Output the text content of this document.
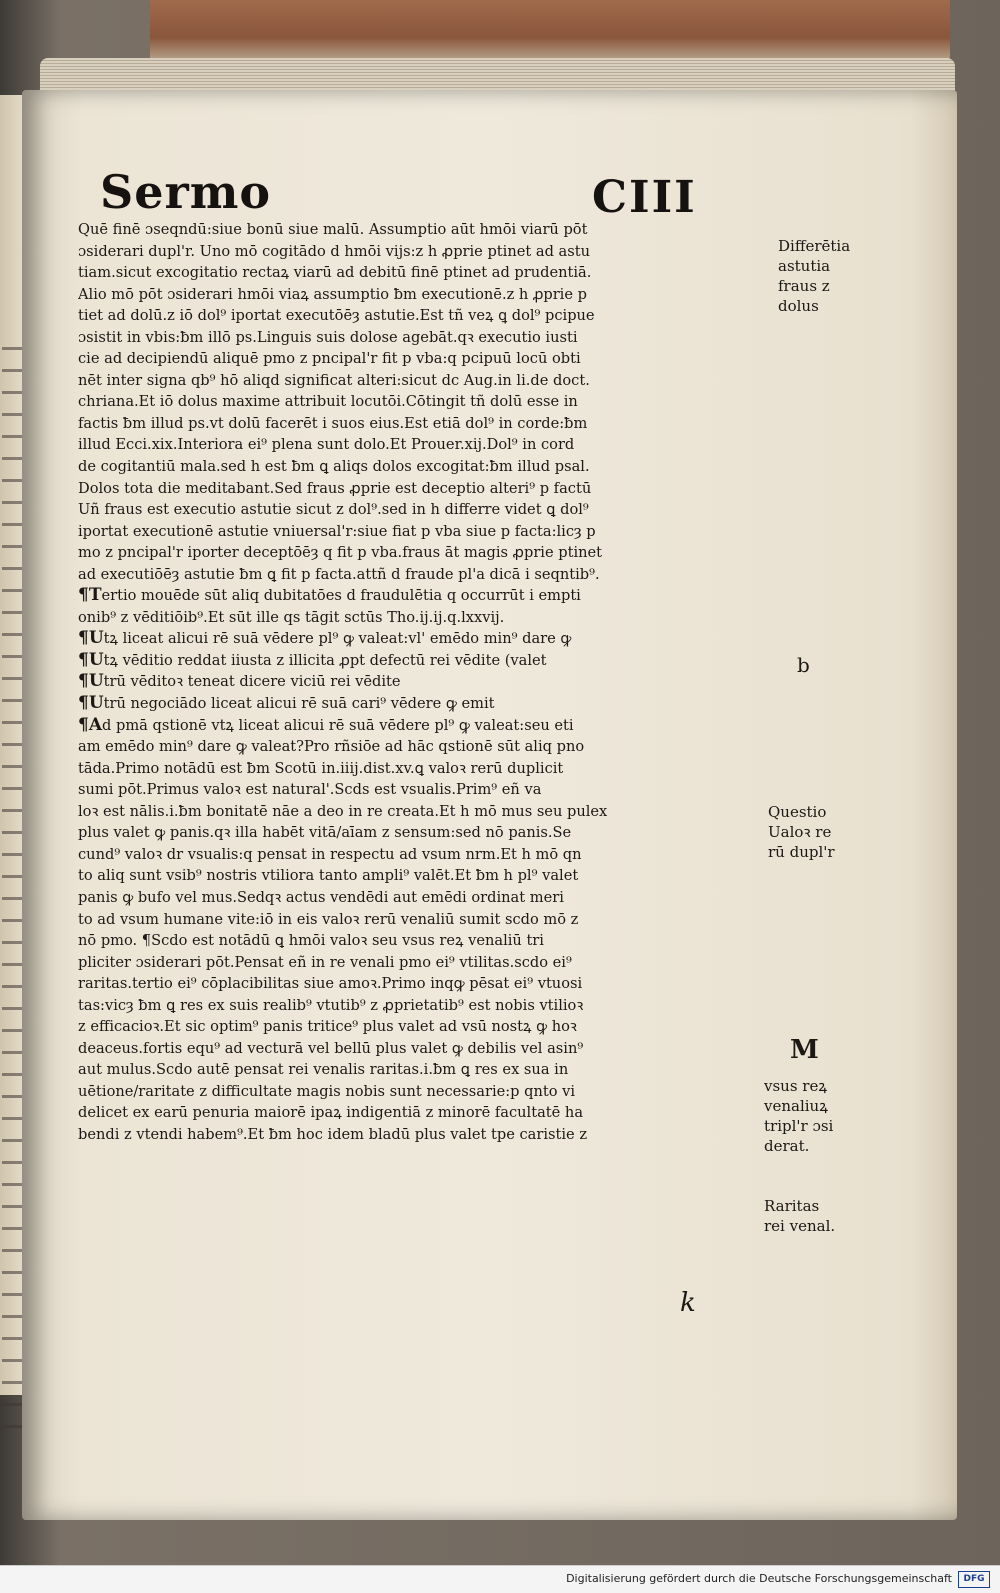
Sermo	CIII
Quē finē ɔseqndū:siue bonū siue malū. Assumptio aūt hmōi viarū pōt
ɔsiderari dupl'r. Uno mō cogitādo d hmōi vijs:z h ꝓprie ptinet ad astu
tiam.sicut excogitatio rectaꝝ viarū ad debitū finē ptinet ad prudentiā.
Alio mō pōt ɔsiderari hmōi viaꝝ assumptio ƀm executionē.z h ꝓprie p
tiet ad dolū.z iō dol⁹ iportat executōēȝ astutie.Est tñ veꝝ ꝗ dol⁹ pcipue
ɔsistit in vbis:ƀm illō ps.Linguis suis dolose agebāt.qꝛ executio iusti
cie ad decipiendū aliquē pmo z pncipal'r fit p vba:q pcipuū locū obti
nēt inter signa qb⁹ hō aliqd significat alteri:sicut dc Aug.in li.de doct.
chriana.Et iō dolus maxime attribuit locutōi.Cōtingit tñ dolū esse in
factis ƀm illud ps.vt dolū facerēt i suos eius.Est etiā dol⁹ in corde:ƀm
illud Ecci.xix.Interiora ei⁹ plena sunt dolo.Et Prouer.xij.Dol⁹ in cord
de cogitantiū mala.sed h est ƀm ꝗ aliqs dolos excogitat:ƀm illud psal.
Dolos tota die meditabant.Sed fraus ꝓprie est deceptio alteri⁹ p factū
Uñ fraus est executio astutie sicut z dol⁹.sed in h differre videt ꝗ dol⁹
iportat executionē astutie vniuersal'r:siue fiat p vba siue p facta:licȝ p
mo z pncipal'r iporter deceptōēȝ q fit p vba.fraus āt magis ꝓprie ptinet
ad executiōēȝ astutie ƀm ꝗ fit p facta.attñ d fraude pl'a dicā i seqntib⁹.
¶Tertio mouēde sūt aliq dubitatōes d fraudulētia q occurrūt i empti
onib⁹ z vēditiōib⁹.Et sūt ille qs tāgit sctūs Tho.ij.ij.q.lxxvij.
¶Utꝝ liceat alicui rē suā vēdere pl⁹ ꝙ valeat:vl' emēdo min⁹ dare ꝙ
¶Utꝝ vēditio reddat iiusta z illicita ꝓpt defectū rei vēdite (valet
¶Utrū vēditoꝛ teneat dicere viciū rei vēdite
¶Utrū negociādo liceat alicui rē suā cari⁹ vēdere ꝙ emit
¶Ad pmā qstionē vtꝝ liceat alicui rē suā vēdere pl⁹ ꝙ valeat:seu eti
am emēdo min⁹ dare ꝙ valeat?Pro rñsiōe ad hāc qstionē sūt aliq pno
tāda.Primo notādū est ƀm Scotū in.iiij.dist.xv.ꝗ valoꝛ rerū duplicit
sumi pōt.Primus valoꝛ est natural'.Scds est vsualis.Prim⁹ eñ va
loꝛ est nālis.i.ƀm bonitatē nāe a deo in re creata.Et h mō mus seu pulex
plus valet ꝙ panis.qꝛ illa habēt vitā/aīam z sensum:sed nō panis.Se
cund⁹ valoꝛ dr vsualis:q pensat in respectu ad vsum nrm.Et h mō qn
to aliq sunt vsib⁹ nostris vtiliora tanto ampli⁹ valēt.Et ƀm h pl⁹ valet
panis ꝙ bufo vel mus.Sedqꝛ actus vendēdi aut emēdi ordinat meri
to ad vsum humane vite:iō in eis valoꝛ rerū venaliū sumit scdo mō z
nō pmo. ¶Scdo est notādū ꝗ hmōi valoꝛ seu vsus reꝝ venaliū tri
pliciter ɔsiderari pōt.Pensat eñ in re venali pmo ei⁹ vtilitas.scdo ei⁹
raritas.tertio ei⁹ cōplacibilitas siue amoꝛ.Primo inqꝙ pēsat ei⁹ vtuosi
tas:vicȝ ƀm ꝗ res ex suis realib⁹ vtutib⁹ z ꝓprietatib⁹ est nobis vtilioꝛ
z efficacioꝛ.Et sic optim⁹ panis tritice⁹ plus valet ad vsū nostꝝ ꝙ hoꝛ
deaceus.fortis equ⁹ ad vecturā vel bellū plus valet ꝙ debilis vel asin⁹
aut mulus.Scdo autē pensat rei venalis raritas.i.ƀm ꝗ res ex sua in
uētione/raritate z difficultate magis nobis sunt necessarie:p qnto vi
delicet ex earū penuria maiorē ipaꝝ indigentiā z minorē facultatē ha
bendi z vtendi habem⁹.Et ƀm hoc idem bladū plus valet tpe caristie z
Differētia
astutia
fraus z
dolus
b
Questio
Ualoꝛ re
rū dupl'r
M
vsus reꝝ
venaliuꝝ
tripl'r ɔsi
derat.
Raritas
rei venal.
k
Digitalisierung gefördert durch die Deutsche Forschungsgemeinschaft	DFG
